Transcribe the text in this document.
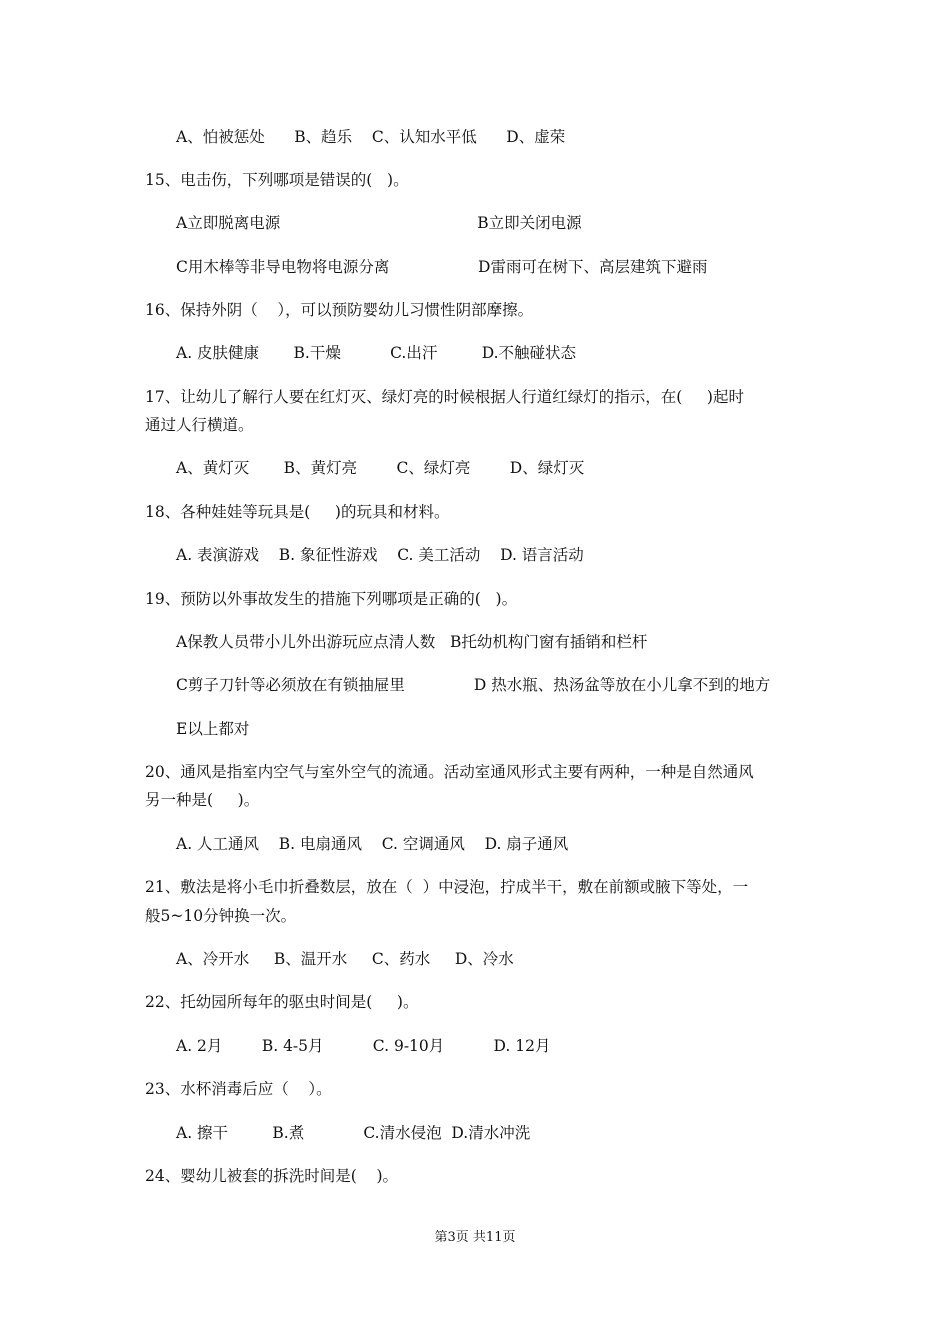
A、怕被惩处      B、趋乐    C、认知水平低      D、虚荣
15、电击伤，下列哪项是错误的(   )。
A立即脱离电源                                        B立即关闭电源
C用木棒等非导电物将电源分离                  D雷雨可在树下、高层建筑下避雨
16、保持外阴（    ），可以预防婴幼儿习惯性阴部摩擦。
A. 皮肤健康       B.干燥          C.出汗         D.不触碰状态
17、让幼儿了解行人要在红灯灭、绿灯亮的时候根据人行道红绿灯的指示，在(     )起时
通过人行横道。
A、黄灯灭       B、黄灯亮        C、绿灯亮        D、绿灯灭
18、各种娃娃等玩具是(     )的玩具和材料。
A. 表演游戏    B. 象征性游戏    C. 美工活动    D. 语言活动
19、预防以外事故发生的措施下列哪项是正确的(   )。
A保教人员带小儿外出游玩应点清人数   B托幼机构门窗有插销和栏杆
C剪子刀针等必须放在有锁抽屉里              D 热水瓶、热汤盆等放在小儿拿不到的地方
E以上都对
20、通风是指室内空气与室外空气的流通。活动室通风形式主要有两种，一种是自然通风
另一种是(     )。
A. 人工通风    B. 电扇通风    C. 空调通风    D. 扇子通风
21、敷法是将小毛巾折叠数层，放在（  ）中浸泡，拧成半干，敷在前额或腋下等处，一
般5~10分钟换一次。
A、冷开水     B、温开水     C、药水     D、冷水
22、托幼园所每年的驱虫时间是(     )。
A. 2月        B. 4-5月          C. 9-10月          D. 12月
23、水杯消毒后应（    ）。
A. 擦干         B.煮            C.清水侵泡  D.清水冲洗
24、婴幼儿被套的拆洗时间是(    )。
第3页 共11页
